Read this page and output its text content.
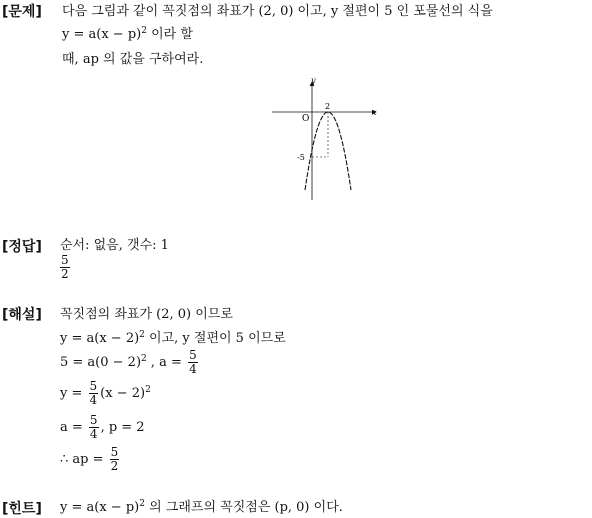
[문제] 다음 그림과 같이 꼭짓점의 좌표가 (2, 0) 이고, y 절편이 5 인 포물선의 식을
$y = a(x - p)^2$ 이라 할
때, ap 의 값을 구하여라.
y
x
O
2
-5
[정답] 순서: 없음, 갯수: 1
$\frac{5}{2}$
[해설] 꼭짓점의 좌표가 (2, 0) 이므로
$y = a(x - 2)^2$ 이고, y 절편이 5 이므로
$5 = a(0 - 2)^2$ , $a = \frac{5}{4}$
$y = \frac{5}{4} (x - 2)^2$
$a = \frac{5}{4}$ , p = 2
∴ ap = $\frac{5}{2}$
[힌트] $y = a(x - p)^2$ 의 그래프의 꼭짓점은 (p, 0) 이다.
